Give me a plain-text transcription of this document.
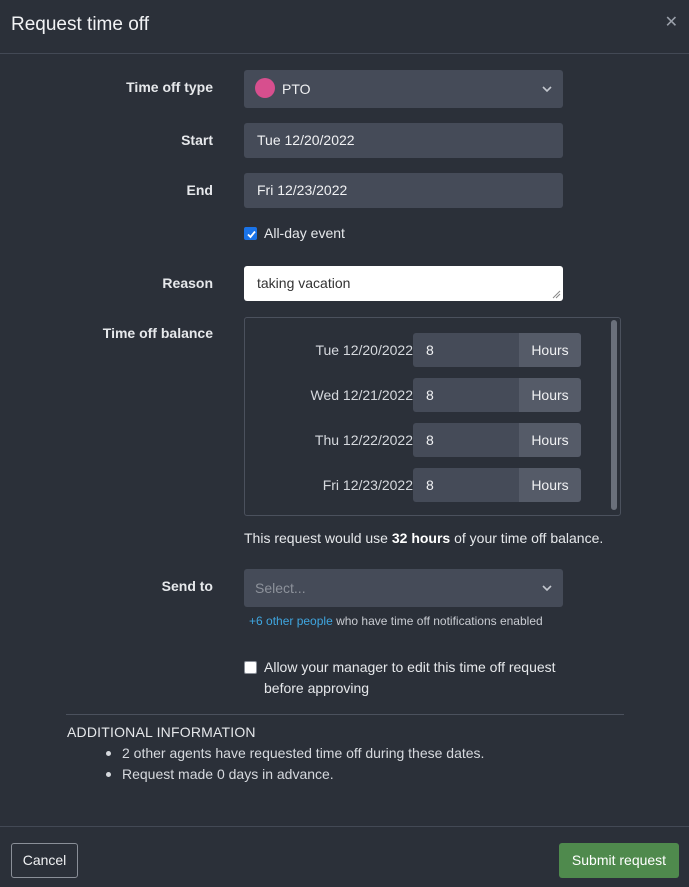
Request time off	✕
Time off type	PTO
Start	Tue 12/20/2022
End	Fri 12/23/2022
All-day event
Reason	taking vacation
Time off balance
Tue 12/20/2022 8	Hours
Wed 12/21/2022 8	Hours
Thu 12/22/2022 8	Hours
Fri 12/23/2022 8	Hours
This request would use 32 hours of your time off balance.
Send to	Select...
+6 other people who have time off notifications enabled
Allow your manager to edit this time off request before approving
ADDITIONAL INFORMATION
2 other agents have requested time off during these dates.
Request made 0 days in advance.
Cancel	Submit request
